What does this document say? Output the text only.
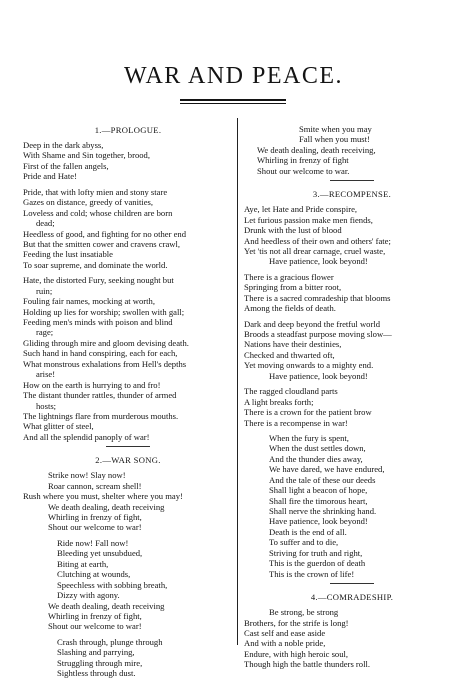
WAR AND PEACE.
1.—PROLOGUE.
Deep in the dark abyss,
With Shame and Sin together, brood,
First of the fallen angels,
Pride and Hate!
Pride, that with lofty mien and stony stare
Gazes on distance, greedy of vanities,
Loveless and cold; whose children are born
dead;
Heedless of good, and fighting for no other end
But that the smitten cower and cravens crawl,
Feeding the lust insatiable
To soar supreme, and dominate the world.
Hate, the distorted Fury, seeking nought but
ruin;
Fouling fair names, mocking at worth,
Holding up lies for worship; swollen with gall;
Feeding men's minds with poison and blind
rage;
Gliding through mire and gloom devising death.
Such hand in hand conspiring, each for each,
What monstrous exhalations from Hell's depths
arise!
How on the earth is hurrying to and fro!
The distant thunder rattles, thunder of armed
hosts;
The lightnings flare from murderous mouths.
What glitter of steel,
And all the splendid panoply of war!
2.—WAR SONG.
Strike now! Slay now!
Roar cannon, scream shell!
Rush where you must, shelter where you may!
We death dealing, death receiving
Whirling in frenzy of fight,
Shout our welcome to war!
Ride now! Fall now!
Bleeding yet unsubdued,
Biting at earth,
Clutching at wounds,
Speechless with sobbing breath,
Dizzy with agony.
We death dealing, death receiving
Whirling in frenzy of fight,
Shout our welcome to war!
Crash through, plunge through
Slashing and parrying,
Struggling through mire,
Sightless through dust.
Smite when you may
Fall when you must!
We death dealing, death receiving,
Whirling in frenzy of fight
Shout our welcome to war.
3.—RECOMPENSE.
Aye, let Hate and Pride conspire,
Let furious passion make men fiends,
Drunk with the lust of blood
And heedless of their own and others' fate;
Yet 'tis not all drear carnage, cruel waste,
Have patience, look beyond!
There is a gracious flower
Springing from a bitter root,
There is a sacred comradeship that blooms
Among the fields of death.
Dark and deep beyond the fretful world
Broods a steadfast purpose moving slow—
Nations have their destinies,
Checked and thwarted oft,
Yet moving onwards to a mighty end.
Have patience, look beyond!
The ragged cloudland parts
A light breaks forth;
There is a crown for the patient brow
There is a recompense in war!
When the fury is spent,
When the dust settles down,
And the thunder dies away,
We have dared, we have endured,
And the tale of these our deeds
Shall light a beacon of hope,
Shall fire the timorous heart,
Shall nerve the shrinking hand.
Have patience, look beyond!
Death is the end of all.
To suffer and to die,
Striving for truth and right,
This is the guerdon of death
This is the crown of life!
4.—COMRADESHIP.
Be strong, be strong
Brothers, for the strife is long!
Cast self and ease aside
And with a noble pride,
Endure, with high heroic soul,
Though high the battle thunders roll.
